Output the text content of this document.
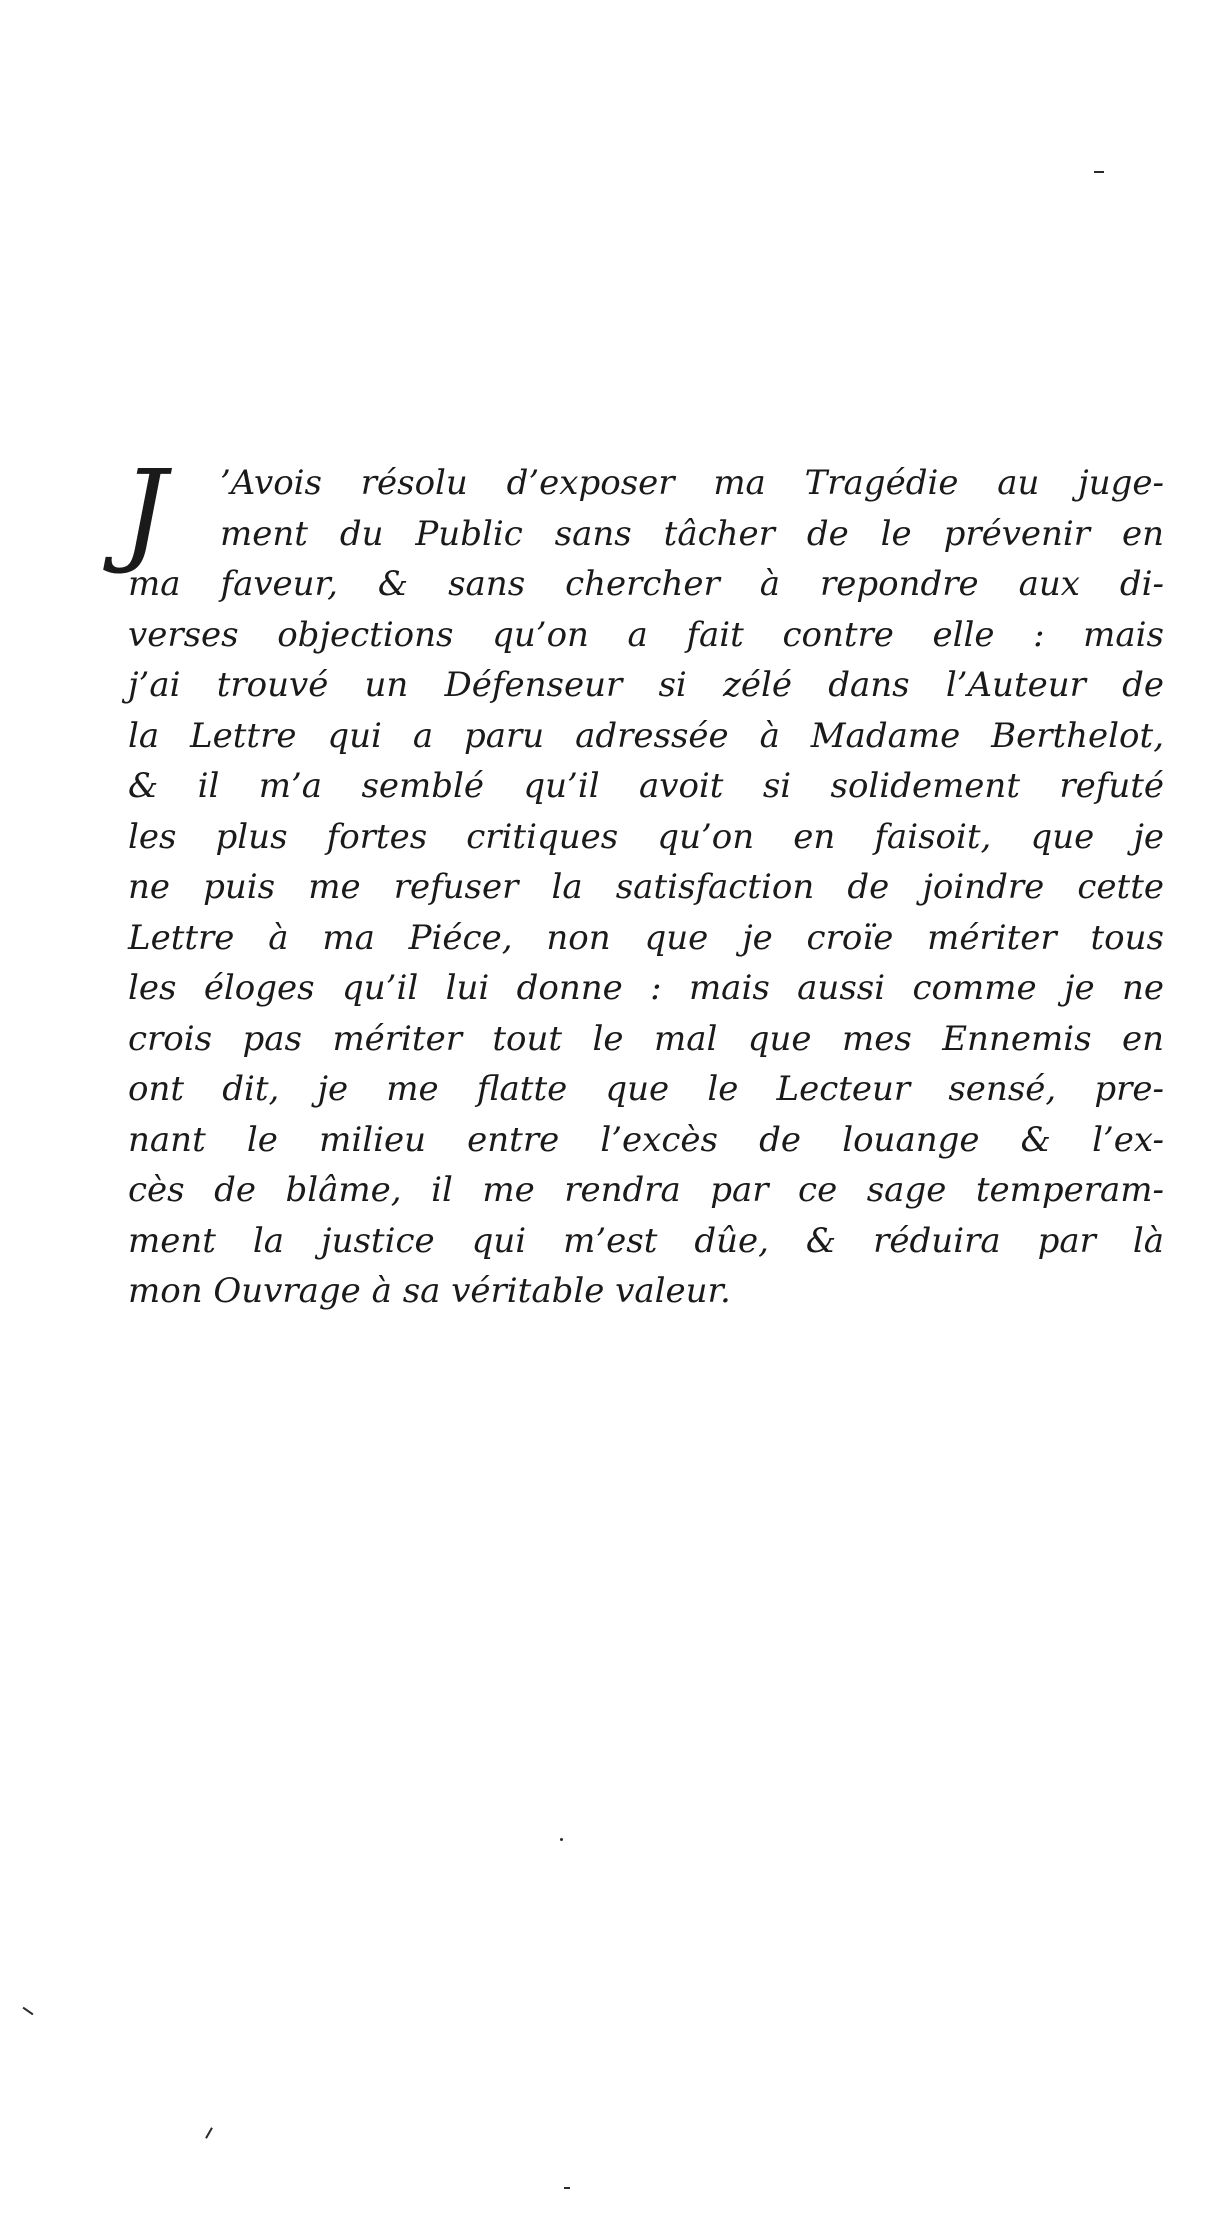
J	’Avois résolu d’exposer ma Tragédie au juge-
ment du Public sans tâcher de le prévenir en
ma faveur, & sans chercher à repondre aux di-
verses objections qu’on a fait contre elle : mais
j’ai trouvé un Défenseur si zélé dans l’Auteur de
la Lettre qui a paru adressée à Madame Berthelot,
& il m’a semblé qu’il avoit si solidement refuté
les plus fortes critiques qu’on en faisoit, que je
ne puis me refuser la satisfaction de joindre cette
Lettre à ma Piéce, non que je croïe mériter tous
les éloges qu’il lui donne : mais aussi comme je ne
crois pas mériter tout le mal que mes Ennemis en
ont dit, je me flatte que le Lecteur sensé, pre-
nant le milieu entre l’excès de louange & l’ex-
cès de blâme, il me rendra par ce sage temperam-
ment la justice qui m’est dûe, & réduira par là
mon Ouvrage à sa véritable valeur.
